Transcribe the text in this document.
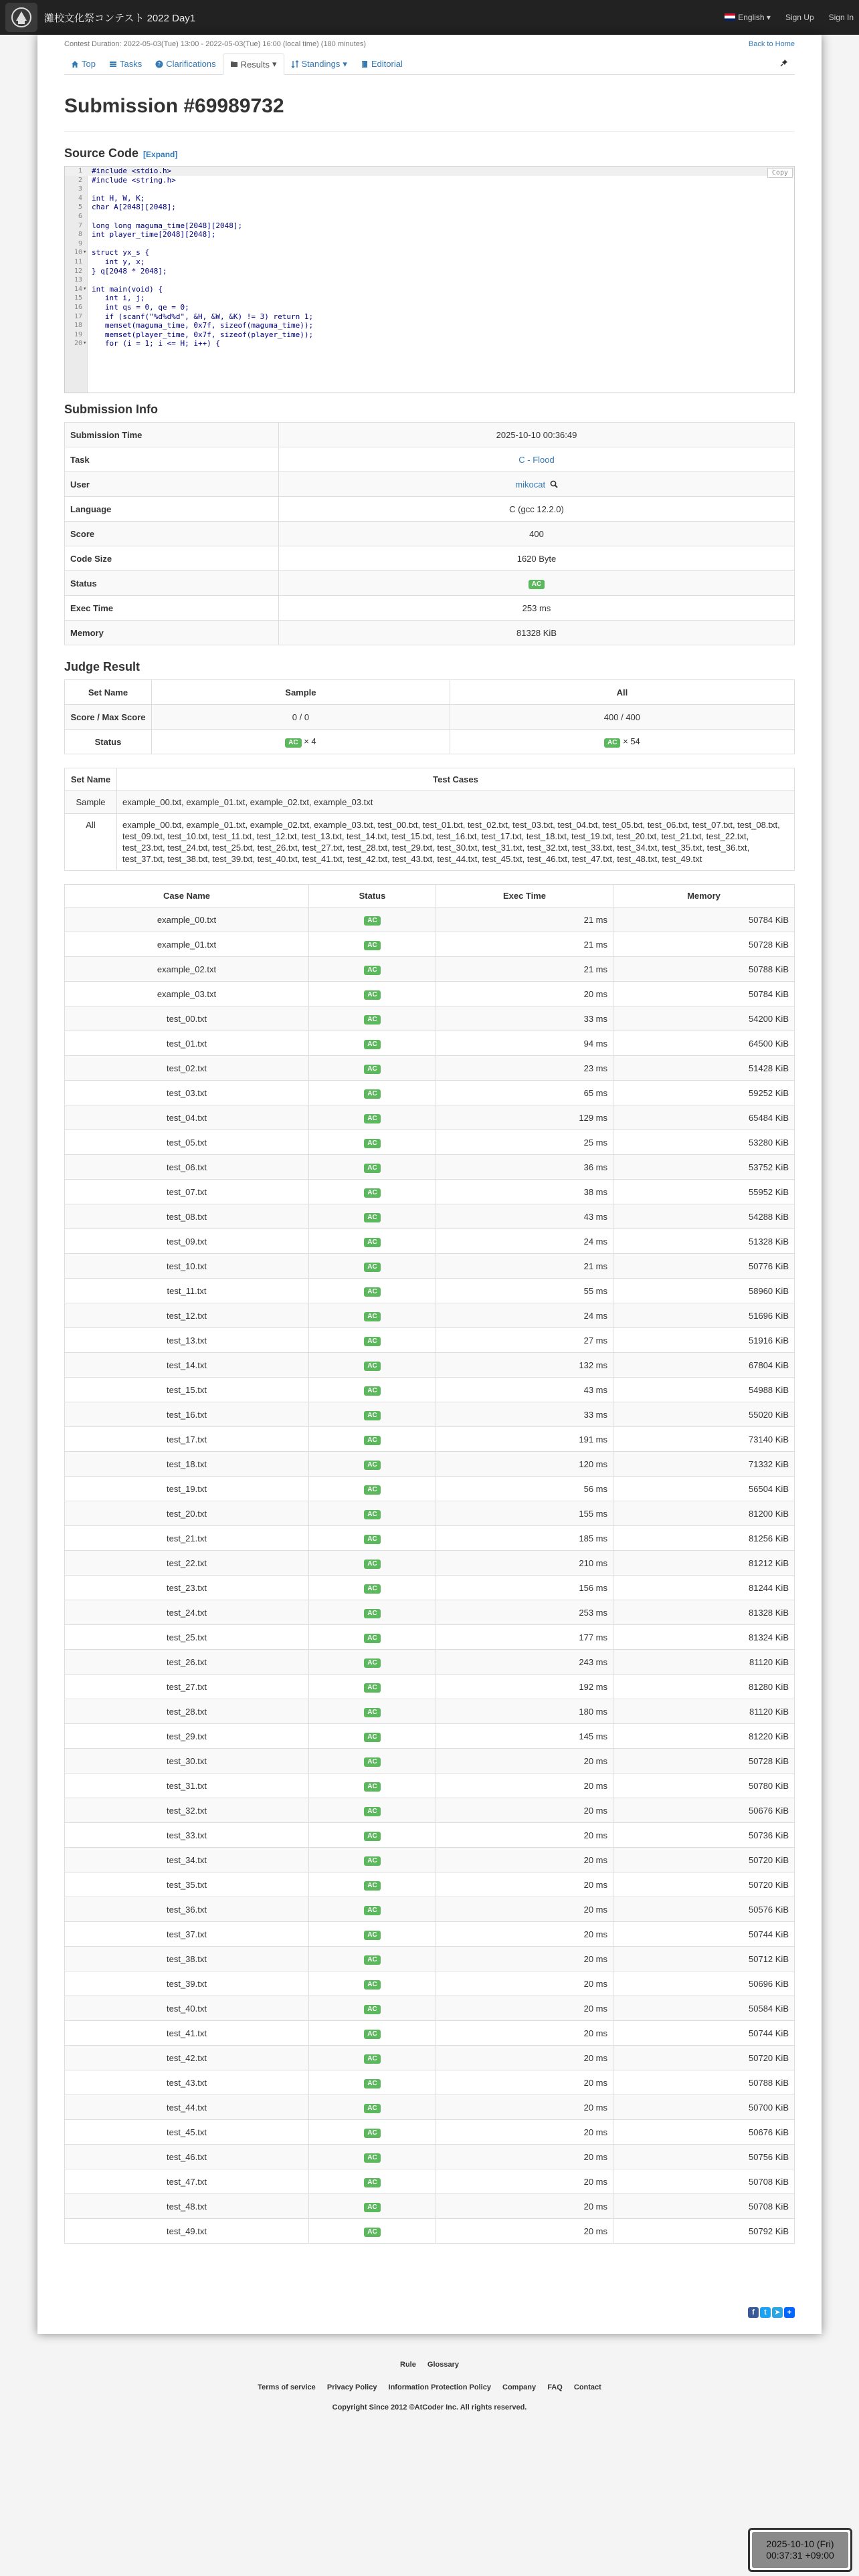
灘校文化祭コンテスト 2022 Day1	English ▾ Sign Up Sign In
Contest Duration: 2022-05-03(Tue) 13:00 - 2022-05-03(Tue) 16:00 (local time) (180 minutes)	Back to Home
Top	Tasks	? Clarifications	Results ▾	Standings ▾	Editorial
Submission #69989732
Source Code [Expand]
Copy
1 #include <stdio.h>
2 #include <string.h>
3
4 int H, W, K;
5 char A[2048][2048];
6
7 long long maguma_time[2048][2048];
8 int player_time[2048][2048];
9
10 ▾ struct yx_s {
11 int y, x;
12 } q[2048 * 2048];
13
14 ▾ int main(void) {
15 int i, j;
16 int qs = 0, qe = 0;
17 if (scanf("%d%d%d", &H, &W, &K) != 3) return 1;
18 memset(maguma_time, 0x7f, sizeof(maguma_time));
19 memset(player_time, 0x7f, sizeof(player_time));
20 ▾ for (i = 1; i <= H; i++) {
Submission Info
Submission Time	2025-10-10 00:36:49
Task	C - Flood
User	mikocat
Language	C (gcc 12.2.0)
Score	400
Code Size	1620 Byte
Status	AC
Exec Time	253 ms
Memory	81328 KiB
Judge Result
Set Name	Sample	All
Score / Max Score	0 / 0	400 / 400
Status	AC × 4	AC × 54
Set Name	Test Cases
Sample	example_00.txt, example_01.txt, example_02.txt, example_03.txt
All	example_00.txt, example_01.txt, example_02.txt, example_03.txt, test_00.txt, test_01.txt, test_02.txt, test_03.txt, test_04.txt, test_05.txt, test_06.txt, test_07.txt, test_08.txt, test_09.txt, test_10.txt, test_11.txt, test_12.txt, test_13.txt, test_14.txt, test_15.txt, test_16.txt, test_17.txt, test_18.txt, test_19.txt, test_20.txt, test_21.txt, test_22.txt, test_23.txt, test_24.txt, test_25.txt, test_26.txt, test_27.txt, test_28.txt, test_29.txt, test_30.txt, test_31.txt, test_32.txt, test_33.txt, test_34.txt, test_35.txt, test_36.txt, test_37.txt, test_38.txt, test_39.txt, test_40.txt, test_41.txt, test_42.txt, test_43.txt, test_44.txt, test_45.txt, test_46.txt, test_47.txt, test_48.txt, test_49.txt
Case Name	Status	Exec Time	Memory
example_00.txt	AC	21 ms	50784 KiB
example_01.txt	AC	21 ms	50728 KiB
example_02.txt	AC	21 ms	50788 KiB
example_03.txt	AC	20 ms	50784 KiB
test_00.txt	AC	33 ms	54200 KiB
test_01.txt	AC	94 ms	64500 KiB
test_02.txt	AC	23 ms	51428 KiB
test_03.txt	AC	65 ms	59252 KiB
test_04.txt	AC	129 ms	65484 KiB
test_05.txt	AC	25 ms	53280 KiB
test_06.txt	AC	36 ms	53752 KiB
test_07.txt	AC	38 ms	55952 KiB
test_08.txt	AC	43 ms	54288 KiB
test_09.txt	AC	24 ms	51328 KiB
test_10.txt	AC	21 ms	50776 KiB
test_11.txt	AC	55 ms	58960 KiB
test_12.txt	AC	24 ms	51696 KiB
test_13.txt	AC	27 ms	51916 KiB
test_14.txt	AC	132 ms	67804 KiB
test_15.txt	AC	43 ms	54988 KiB
test_16.txt	AC	33 ms	55020 KiB
test_17.txt	AC	191 ms	73140 KiB
test_18.txt	AC	120 ms	71332 KiB
test_19.txt	AC	56 ms	56504 KiB
test_20.txt	AC	155 ms	81200 KiB
test_21.txt	AC	185 ms	81256 KiB
test_22.txt	AC	210 ms	81212 KiB
test_23.txt	AC	156 ms	81244 KiB
test_24.txt	AC	253 ms	81328 KiB
test_25.txt	AC	177 ms	81324 KiB
test_26.txt	AC	243 ms	81120 KiB
test_27.txt	AC	192 ms	81280 KiB
test_28.txt	AC	180 ms	81120 KiB
test_29.txt	AC	145 ms	81220 KiB
test_30.txt	AC	20 ms	50728 KiB
test_31.txt	AC	20 ms	50780 KiB
test_32.txt	AC	20 ms	50676 KiB
test_33.txt	AC	20 ms	50736 KiB
test_34.txt	AC	20 ms	50720 KiB
test_35.txt	AC	20 ms	50720 KiB
test_36.txt	AC	20 ms	50576 KiB
test_37.txt	AC	20 ms	50744 KiB
test_38.txt	AC	20 ms	50712 KiB
test_39.txt	AC	20 ms	50696 KiB
test_40.txt	AC	20 ms	50584 KiB
test_41.txt	AC	20 ms	50744 KiB
test_42.txt	AC	20 ms	50720 KiB
test_43.txt	AC	20 ms	50788 KiB
test_44.txt	AC	20 ms	50700 KiB
test_45.txt	AC	20 ms	50676 KiB
test_46.txt	AC	20 ms	50756 KiB
test_47.txt	AC	20 ms	50708 KiB
test_48.txt	AC	20 ms	50708 KiB
test_49.txt	AC	20 ms	50792 KiB
f	t	➤ +
Rule Glossary
Terms of service Privacy Policy Information Protection Policy Company FAQ Contact
Copyright Since 2012 ©AtCoder Inc. All rights reserved.
2025-10-10 (Fri)
00:37:31 +09:00
